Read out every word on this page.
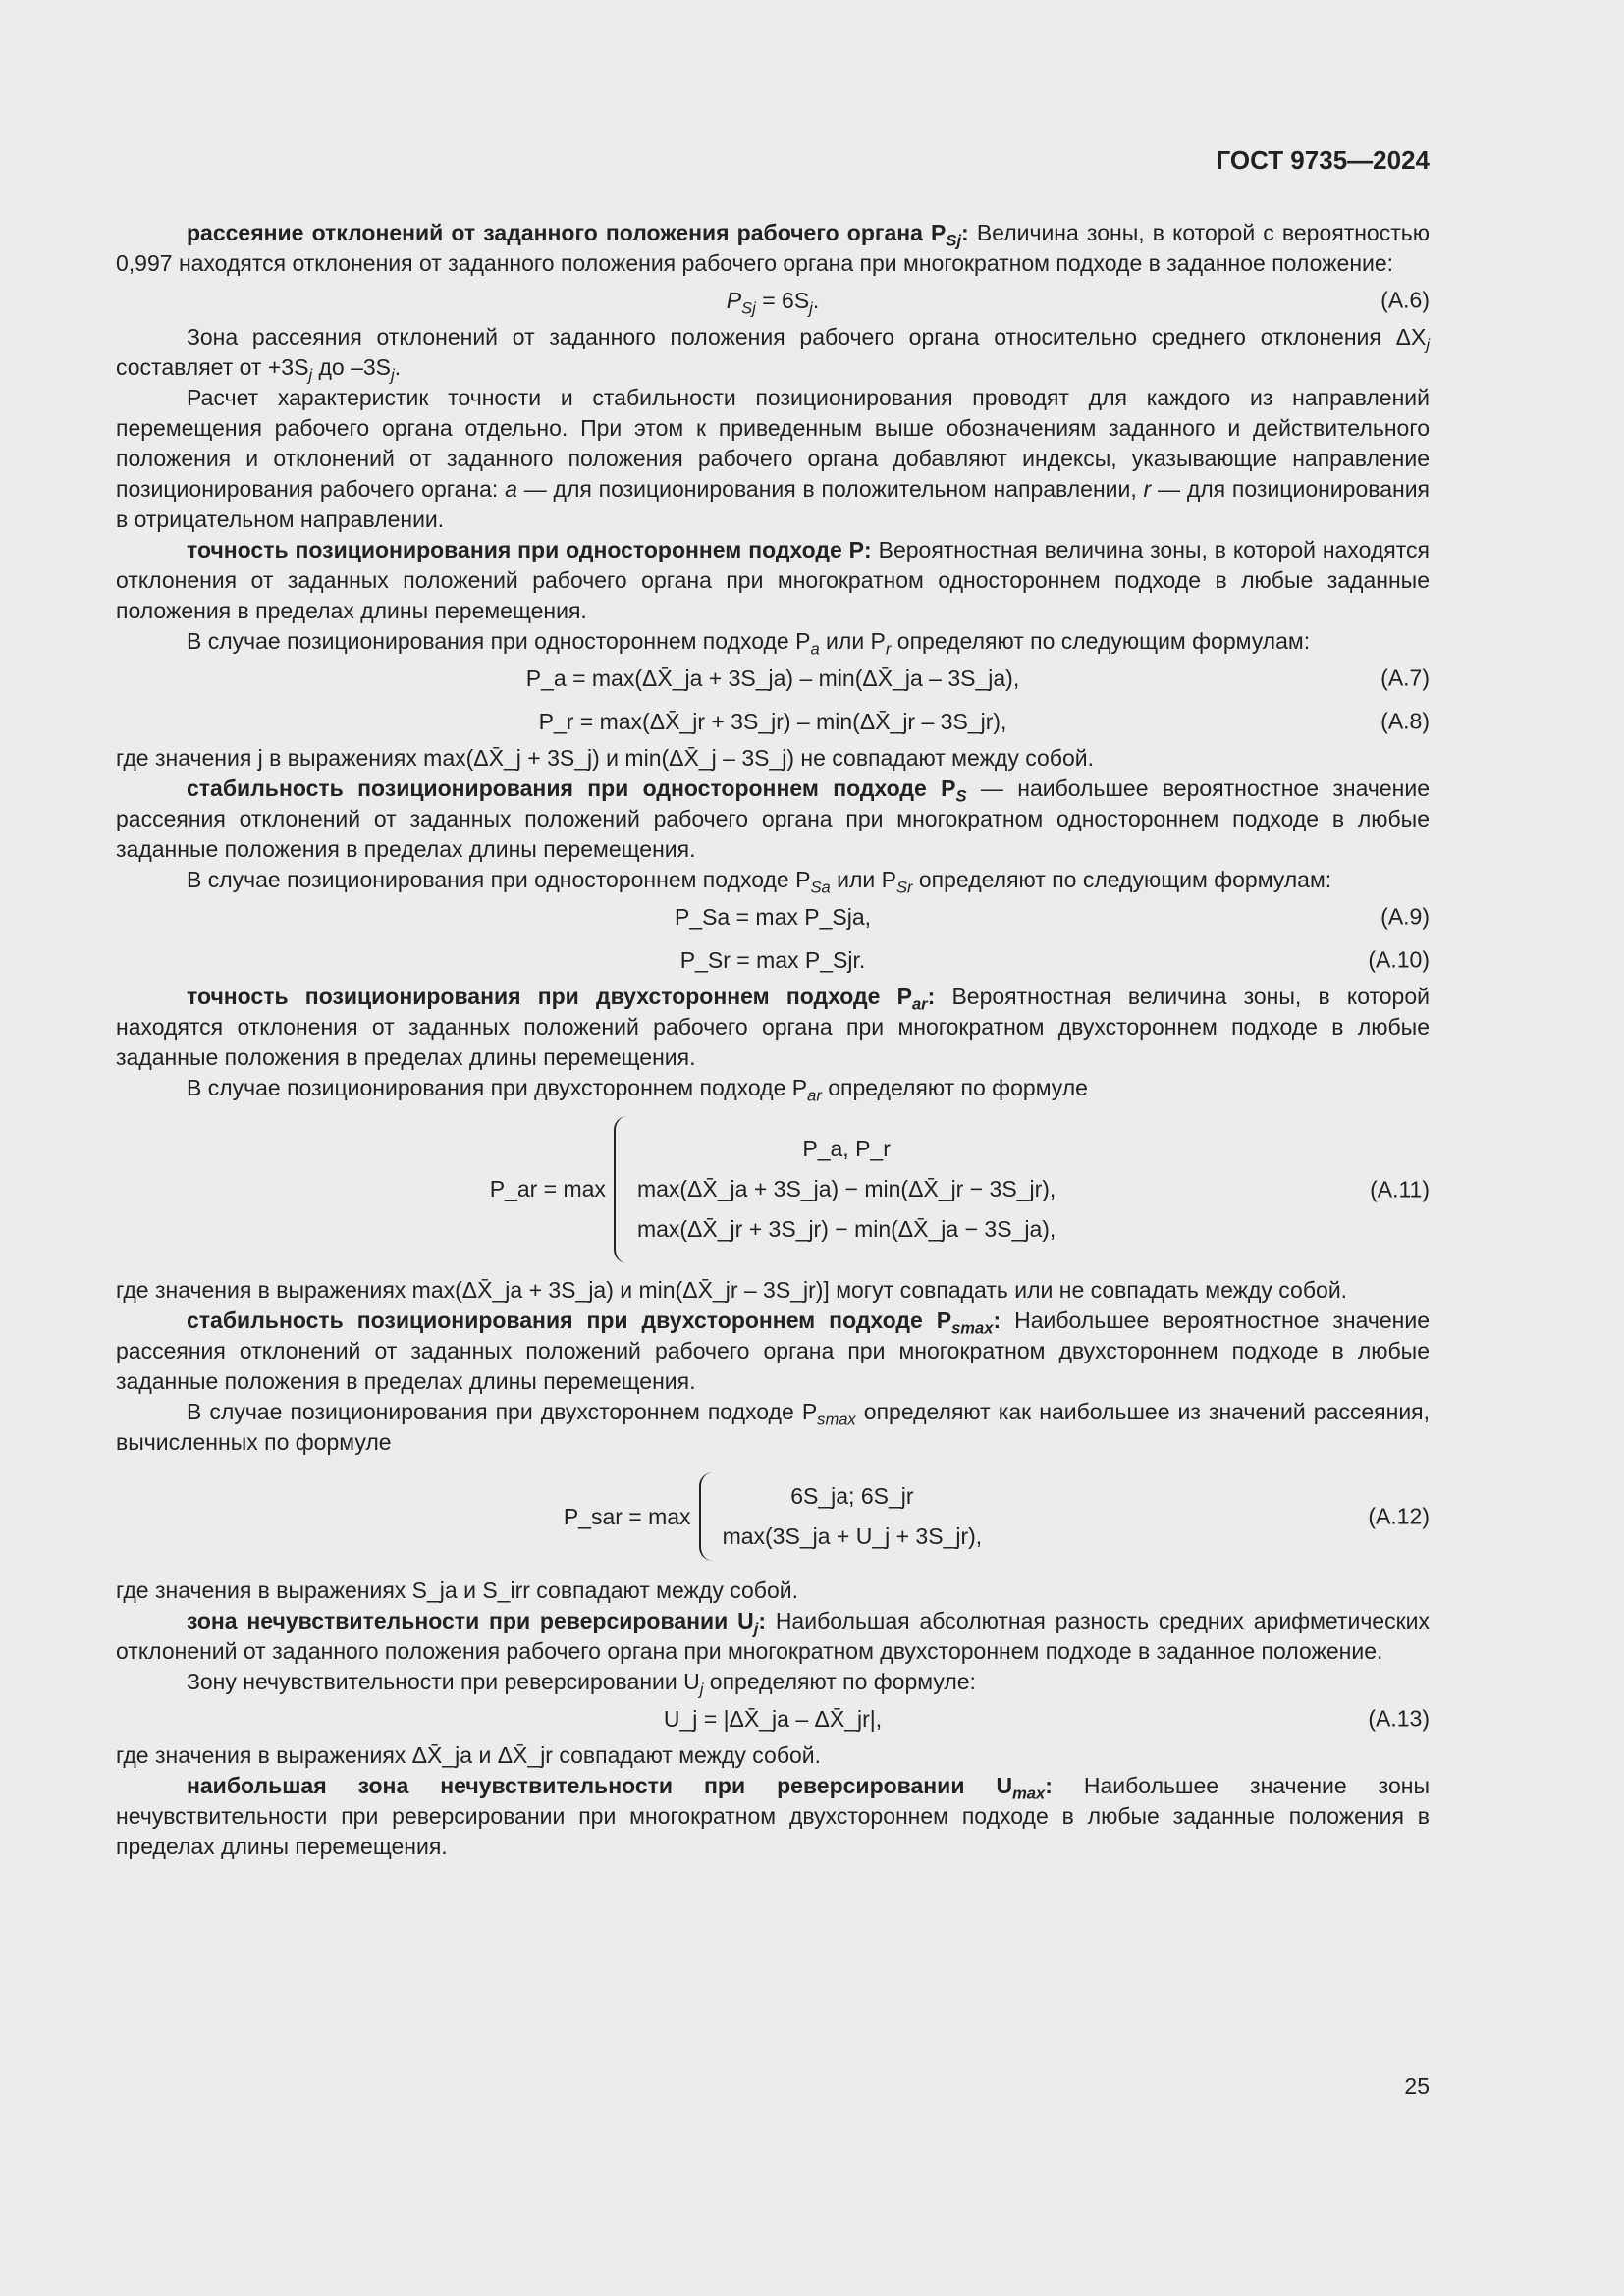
ГОСТ 9735—2024

рассеяние отклонений от заданного положения рабочего органа $P_{Sj}$: Величина зоны, в которой с вероятностью 0,997 находятся отклонения от заданного положения рабочего органа при многократном подходе в заданное положение:

$P_{Sj} = 6S_j$.	(А.6)

Зона рассеяния отклонений от заданного положения рабочего органа относительно среднего отклонения $\Delta X_j$ составляет от $+3S_j$ до $-3S_j$.

Расчет характеристик точности и стабильности позиционирования проводят для каждого из направлений перемещения рабочего органа отдельно. При этом к приведенным выше обозначениям заданного и действительного положения и отклонений от заданного положения рабочего органа добавляют индексы, указывающие направление позиционирования рабочего органа: a — для позиционирования в положительном направлении, r — для позиционирования в отрицательном направлении.

точность позиционирования при одностороннем подходе P: Вероятностная величина зоны, в которой находятся отклонения от заданных положений рабочего органа при многократном одностороннем подходе в любые заданные положения в пределах длины перемещения.

В случае позиционирования при одностороннем подходе $P_a$ или $P_r$ определяют по следующим формулам:

P_a = max(ΔX̄_ja + 3S_ja) – min(ΔX̄_ja – 3S_ja),	(А.7)
P_r = max(ΔX̄_jr + 3S_jr) – min(ΔX̄_jr – 3S_jr),	(А.8)

где значения j в выражениях max(ΔX̄_j + 3S_j) и min(ΔX̄_j – 3S_j) не совпадают между собой.

стабильность позиционирования при одностороннем подходе $P_S$ — наибольшее вероятностное значение рассеяния отклонений от заданных положений рабочего органа при многократном одностороннем подходе в любые заданные положения в пределах длины перемещения.

В случае позиционирования при одностороннем подходе $P_{Sa}$ или $P_{Sr}$ определяют по следующим формулам:

P_Sa = max P_Sja,	(А.9)
P_Sr = max P_Sjr.	(А.10)

точность позиционирования при двухстороннем подходе $P_{ar}$: Вероятностная величина зоны, в которой находятся отклонения от заданных положений рабочего органа при многократном двухстороннем подходе в любые заданные положения в пределах длины перемещения.

В случае позиционирования при двухстороннем подходе $P_{ar}$ определяют по формуле

P_ar = max
P_a, P_r
max(ΔX̄_ja + 3S_ja) − min(ΔX̄_jr − 3S_jr),
max(ΔX̄_jr + 3S_jr) − min(ΔX̄_ja − 3S_ja),
(А.11)

где значения в выражениях max(ΔX̄_ja + 3S_ja) и min(ΔX̄_jr – 3S_jr)] могут совпадать или не совпадать между собой.

стабильность позиционирования при двухстороннем подходе $P_{smax}$: Наибольшее вероятностное значение рассеяния отклонений от заданных положений рабочего органа при многократном двухстороннем подходе в любые заданные положения в пределах длины перемещения.

В случае позиционирования при двухстороннем подходе $P_{smax}$ определяют как наибольшее из значений рассеяния, вычисленных по формуле

P_sar = max
6S_ja; 6S_jr
max(3S_ja + U_j + 3S_jr),
(А.12)

где значения в выражениях S_ja и S_irr совпадают между собой.

зона нечувствительности при реверсировании $U_j$: Наибольшая абсолютная разность средних арифметических отклонений от заданного положения рабочего органа при многократном двухстороннем подходе в заданное положение.

Зону нечувствительности при реверсировании $U_j$ определяют по формуле:

U_j = |ΔX̄_ja – ΔX̄_jr|,	(А.13)

где значения в выражениях ΔX̄_ja и ΔX̄_jr совпадают между собой.

наибольшая зона нечувствительности при реверсировании $U_{max}$: Наибольшее значение зоны нечувствительности при реверсировании при многократном двухстороннем подходе в любые заданные положения в пределах длины перемещения.

25
